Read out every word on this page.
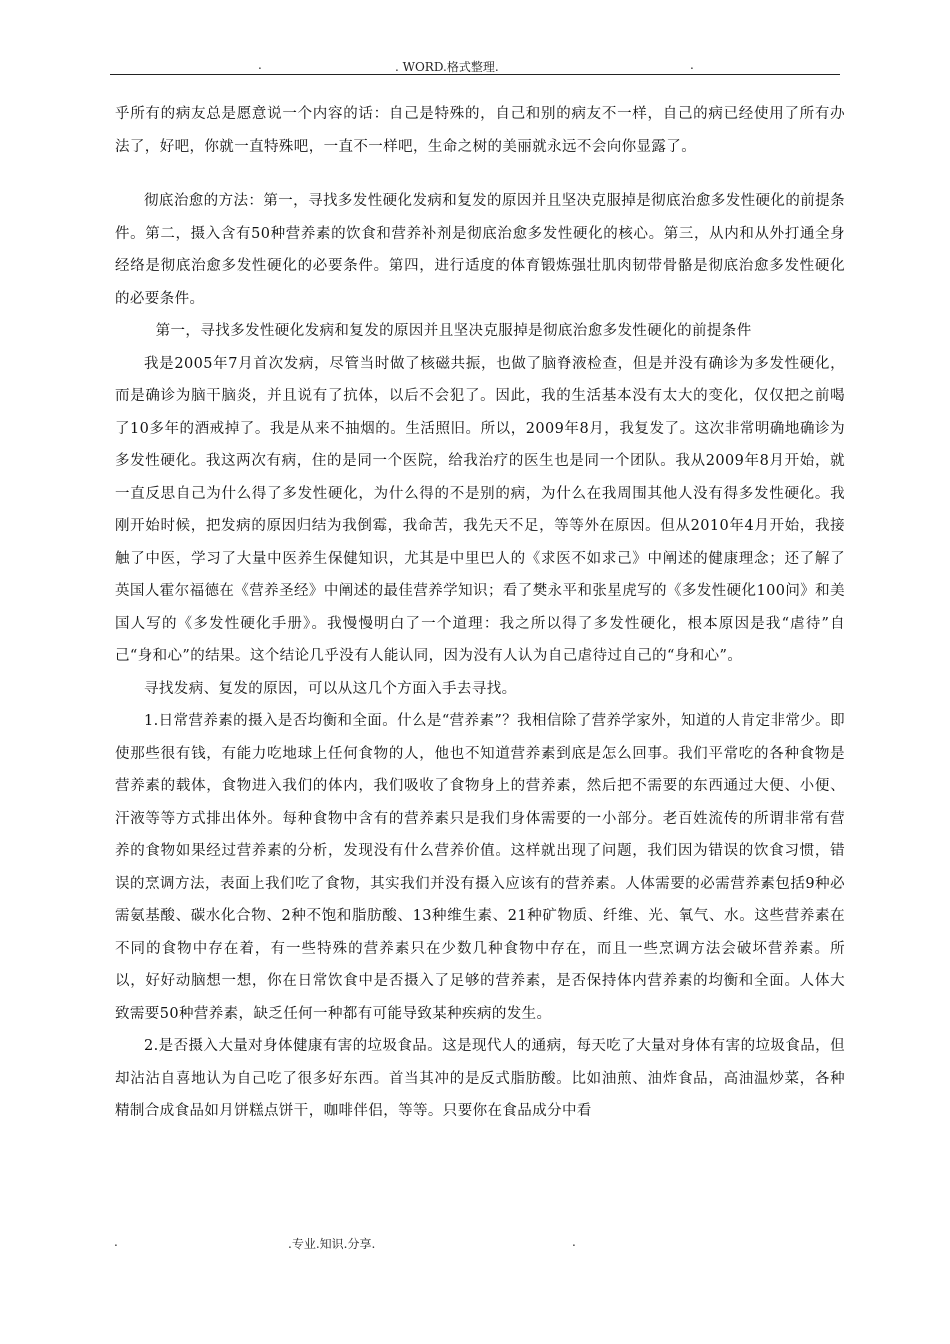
.	. WORD.格式整理.	.

乎所有的病友总是愿意说一个内容的话：自己是特殊的，自己和别的病友不一样，自己的病已经使用了所有办法了，好吧，你就一直特殊吧，一直不一样吧，生命之树的美丽就永远不会向你显露了。

彻底治愈的方法：第一，寻找多发性硬化发病和复发的原因并且坚决克服掉是彻底治愈多发性硬化的前提条件。第二，摄入含有50种营养素的饮食和营养补剂是彻底治愈多发性硬化的核心。第三，从内和从外打通全身经络是彻底治愈多发性硬化的必要条件。第四，进行适度的体育锻炼强壮肌肉韧带骨骼是彻底治愈多发性硬化的必要条件。

第一，寻找多发性硬化发病和复发的原因并且坚决克服掉是彻底治愈多发性硬化的前提条件

我是2005年7月首次发病，尽管当时做了核磁共振，也做了脑脊液检查，但是并没有确诊为多发性硬化，而是确诊为脑干脑炎，并且说有了抗体，以后不会犯了。因此，我的生活基本没有太大的变化，仅仅把之前喝了10多年的酒戒掉了。我是从来不抽烟的。生活照旧。所以，2009年8月，我复发了。这次非常明确地确诊为多发性硬化。我这两次有病，住的是同一个医院，给我治疗的医生也是同一个团队。我从2009年8月开始，就一直反思自己为什么得了多发性硬化，为什么得的不是别的病，为什么在我周围其他人没有得多发性硬化。我刚开始时候，把发病的原因归结为我倒霉，我命苦，我先天不足，等等外在原因。但从2010年4月开始，我接触了中医，学习了大量中医养生保健知识，尤其是中里巴人的《求医不如求己》中阐述的健康理念；还了解了英国人霍尔福德在《营养圣经》中阐述的最佳营养学知识；看了樊永平和张星虎写的《多发性硬化100问》和美国人写的《多发性硬化手册》。我慢慢明白了一个道理：我之所以得了多发性硬化，根本原因是我“虐待”自己“身和心”的结果。这个结论几乎没有人能认同，因为没有人认为自己虐待过自己的“身和心”。

寻找发病、复发的原因，可以从这几个方面入手去寻找。

1.日常营养素的摄入是否均衡和全面。什么是“营养素”？我相信除了营养学家外，知道的人肯定非常少。即使那些很有钱，有能力吃地球上任何食物的人，他也不知道营养素到底是怎么回事。我们平常吃的各种食物是营养素的载体，食物进入我们的体内，我们吸收了食物身上的营养素，然后把不需要的东西通过大便、小便、汗液等等方式排出体外。每种食物中含有的营养素只是我们身体需要的一小部分。老百姓流传的所谓非常有营养的食物如果经过营养素的分析，发现没有什么营养价值。这样就出现了问题，我们因为错误的饮食习惯，错误的烹调方法，表面上我们吃了食物，其实我们并没有摄入应该有的营养素。人体需要的必需营养素包括9种必需氨基酸、碳水化合物、2种不饱和脂肪酸、13种维生素、21种矿物质、纤维、光、氧气、水。这些营养素在不同的食物中存在着，有一些特殊的营养素只在少数几种食物中存在，而且一些烹调方法会破坏营养素。所以，好好动脑想一想，你在日常饮食中是否摄入了足够的营养素，是否保持体内营养素的均衡和全面。人体大致需要50种营养素，缺乏任何一种都有可能导致某种疾病的发生。

2.是否摄入大量对身体健康有害的垃圾食品。这是现代人的通病，每天吃了大量对身体有害的垃圾食品，但却沾沾自喜地认为自己吃了很多好东西。首当其冲的是反式脂肪酸。比如油煎、油炸食品，高油温炒菜，各种精制合成食品如月饼糕点饼干，咖啡伴侣，等等。只要你在食品成分中看

.	.专业.知识.分享.	.
